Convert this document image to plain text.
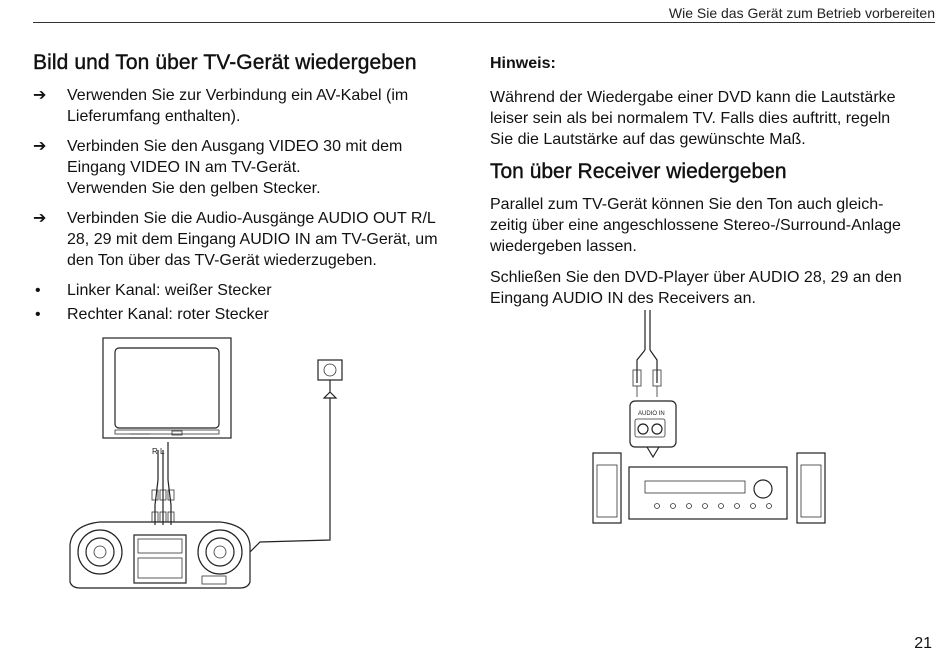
Wie Sie das Gerät zum Betrieb vorbereiten
Bild und Ton über TV-Gerät wiedergeben
➔ Verwenden Sie zur Verbindung ein AV-Kabel (im
Lieferumfang enthalten).
➔ Verbinden Sie den Ausgang VIDEO 30 mit dem
Eingang VIDEO IN am TV-Gerät.
Verwenden Sie den gelben Stecker.
➔ Verbinden Sie die Audio-Ausgänge AUDIO OUT R/L
28, 29 mit dem Eingang AUDIO IN am TV-Gerät, um
den Ton über das TV-Gerät wiederzugeben.
• Linker Kanal: weißer Stecker
• Rechter Kanal: roter Stecker
Hinweis:
Während der Wiedergabe einer DVD kann die Lautstärke
leiser sein als bei normalem TV. Falls dies auftritt, regeln
Sie die Lautstärke auf das gewünschte Maß.
Ton über Receiver wiedergeben
Parallel zum TV-Gerät können Sie den Ton auch gleich-
zeitig über eine angeschlossene Stereo-/Surround-Anlage
wiedergeben lassen.
Schließen Sie den DVD-Player über AUDIO 28, 29 an den
Eingang AUDIO IN des Receivers an.
R L
AUDIO IN
21
